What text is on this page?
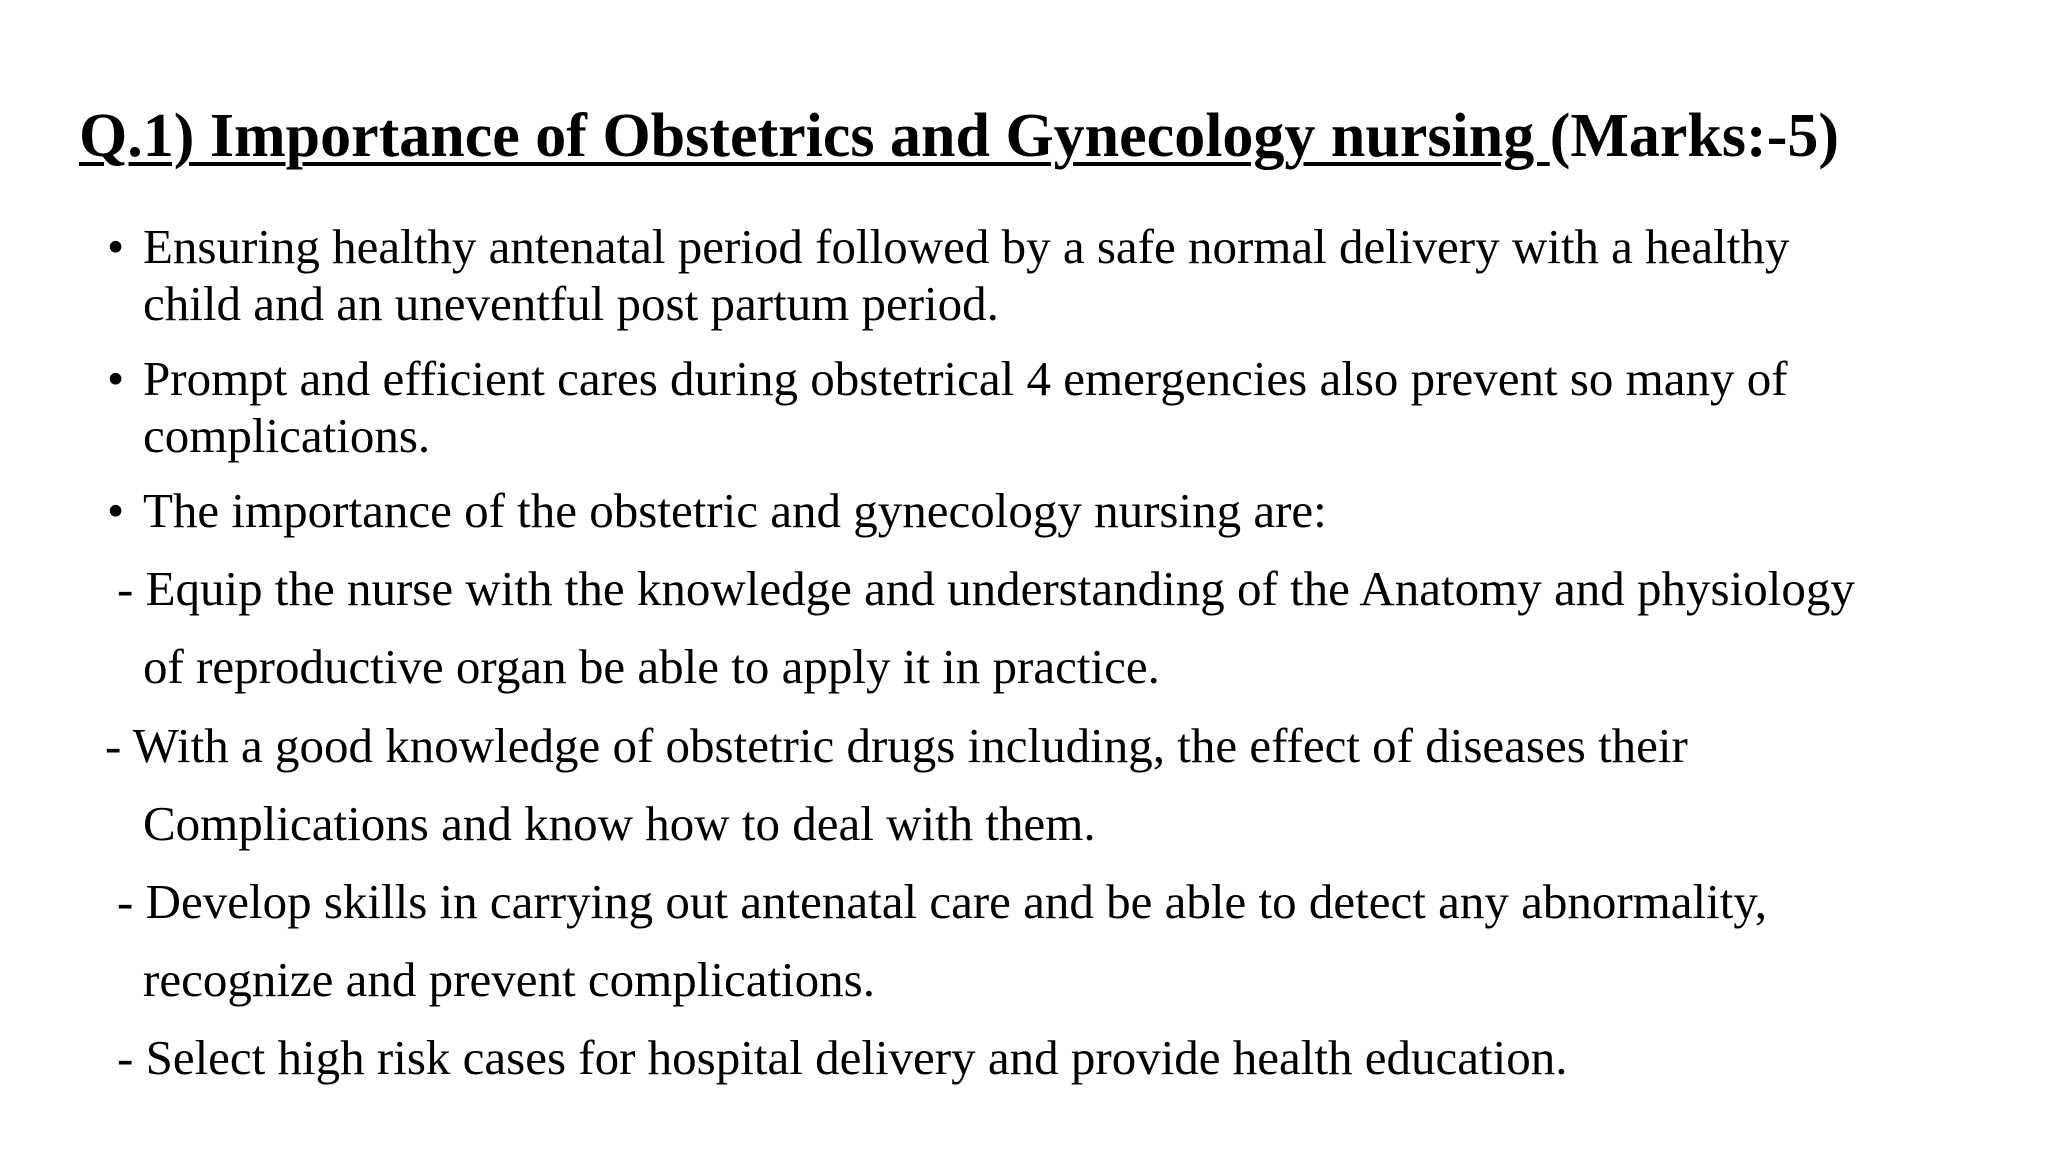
Q.1) Importance of Obstetrics and Gynecology nursing (Marks:-5)
• Ensuring healthy antenatal period followed by a safe normal delivery with a healthy
child and an uneventful post partum period.
• Prompt and efficient cares during obstetrical 4 emergencies also prevent so many of
complications.
• The importance of the obstetric and gynecology nursing are:
- Equip the nurse with the knowledge and understanding of the Anatomy and physiology
of reproductive organ be able to apply it in practice.
- With a good knowledge of obstetric drugs including, the effect of diseases their
Complications and know how to deal with them.
- Develop skills in carrying out antenatal care and be able to detect any abnormality,
recognize and prevent complications.
- Select high risk cases for hospital delivery and provide health education.
